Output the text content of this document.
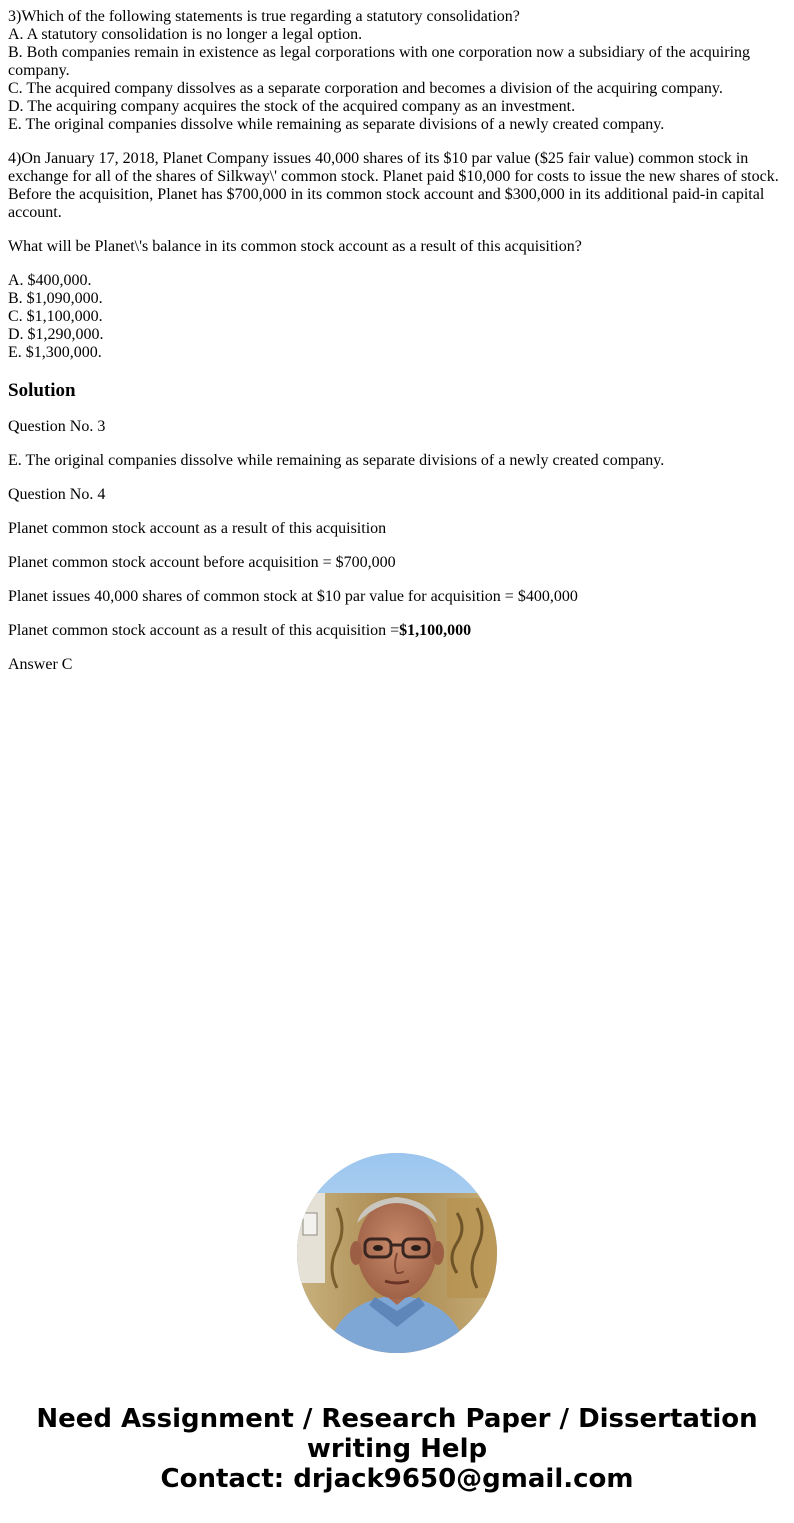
3)Which of the following statements is true regarding a statutory consolidation?
A. A statutory consolidation is no longer a legal option.
B. Both companies remain in existence as legal corporations with one corporation now a subsidiary of the acquiring company.
C. The acquired company dissolves as a separate corporation and becomes a division of the acquiring company.
D. The acquiring company acquires the stock of the acquired company as an investment.
E. The original companies dissolve while remaining as separate divisions of a newly created company.

4)On January 17, 2018, Planet Company issues 40,000 shares of its $10 par value ($25 fair value) common stock in exchange for all of the shares of Silkway\' common stock. Planet paid $10,000 for costs to issue the new shares of stock. Before the acquisition, Planet has $700,000 in its common stock account and $300,000 in its additional paid-in capital account.

What will be Planet\'s balance in its common stock account as a result of this acquisition?

A. $400,000.
B. $1,090,000.
C. $1,100,000.
D. $1,290,000.
E. $1,300,000.

Solution

Question No. 3

E. The original companies dissolve while remaining as separate divisions of a newly created company.

Question No. 4

Planet common stock account as a result of this acquisition

Planet common stock account before acquisition = $700,000

Planet issues 40,000 shares of common stock at $10 par value for acquisition = $400,000

Planet common stock account as a result of this acquisition =$1,100,000

Answer C

Need Assignment / Research Paper / Dissertation
writing Help
Contact: drjack9650@gmail.com
